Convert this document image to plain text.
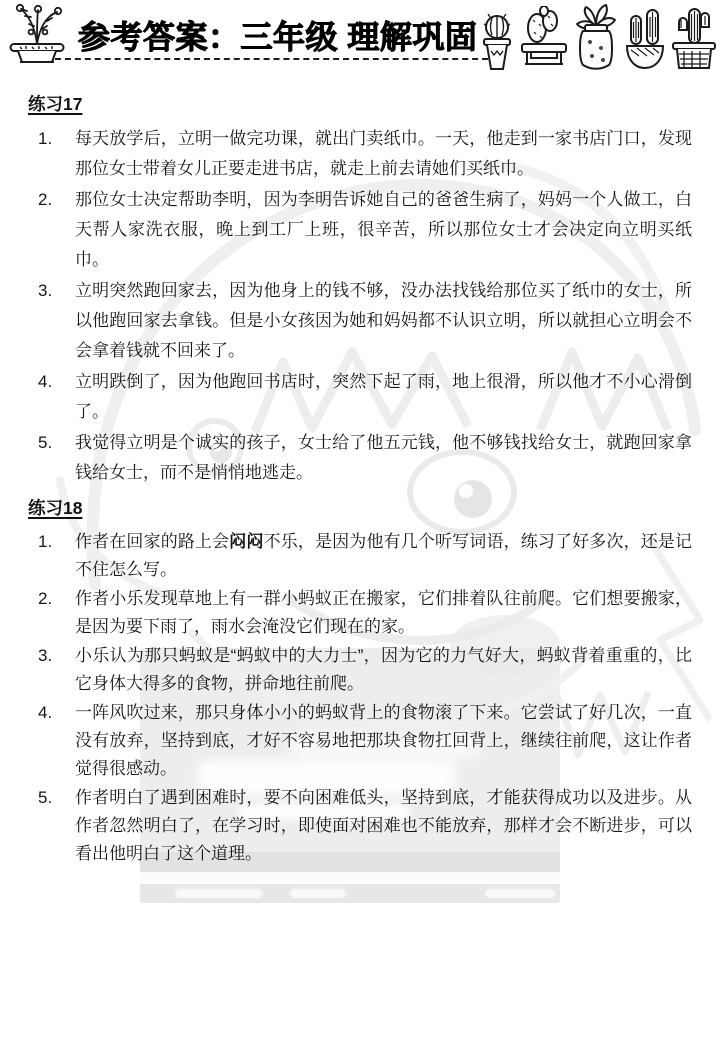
参考答案：三年级 理解巩固
练习17
1.	每天放学后，立明一做完功课，就出门卖纸巾。一天，他走到一家书店门口，发现那位女士带着女儿正要走进书店，就走上前去请她们买纸巾。

2.	那位女士决定帮助李明，因为李明告诉她自己的爸爸生病了，妈妈一个人做工，白天帮人家洗衣服，晚上到工厂上班，很辛苦，所以那位女士才会决定向立明买纸巾。

3.	立明突然跑回家去，因为他身上的钱不够，没办法找钱给那位买了纸巾的女士，所以他跑回家去拿钱。但是小女孩因为她和妈妈都不认识立明，所以就担心立明会不会拿着钱就不回来了。

4.	立明跌倒了，因为他跑回书店时，突然下起了雨，地上很滑，所以他才不小心滑倒了。

5.	我觉得立明是个诚实的孩子，女士给了他五元钱，他不够钱找给女士，就跑回家拿钱给女士，而不是悄悄地逃走。

练习18
1.	作者在回家的路上会闷闷不乐，是因为他有几个听写词语，练习了好多次，还是记不住怎么写。

2.	作者小乐发现草地上有一群小蚂蚁正在搬家，它们排着队往前爬。它们想要搬家，是因为要下雨了，雨水会淹没它们现在的家。

3.	小乐认为那只蚂蚁是“蚂蚁中的大力士”，因为它的力气好大，蚂蚁背着重重的，比它身体大得多的食物，拼命地往前爬。

4.	一阵风吹过来，那只身体小小的蚂蚁背上的食物滚了下来。它尝试了好几次，一直没有放弃，坚持到底，才好不容易地把那块食物扛回背上，继续往前爬，这让作者觉得很感动。

5.	作者明白了遇到困难时，要不向困难低头，坚持到底，才能获得成功以及进步。从作者忽然明白了，在学习时，即使面对困难也不能放弃，那样才会不断进步，可以看出他明白了这个道理。
